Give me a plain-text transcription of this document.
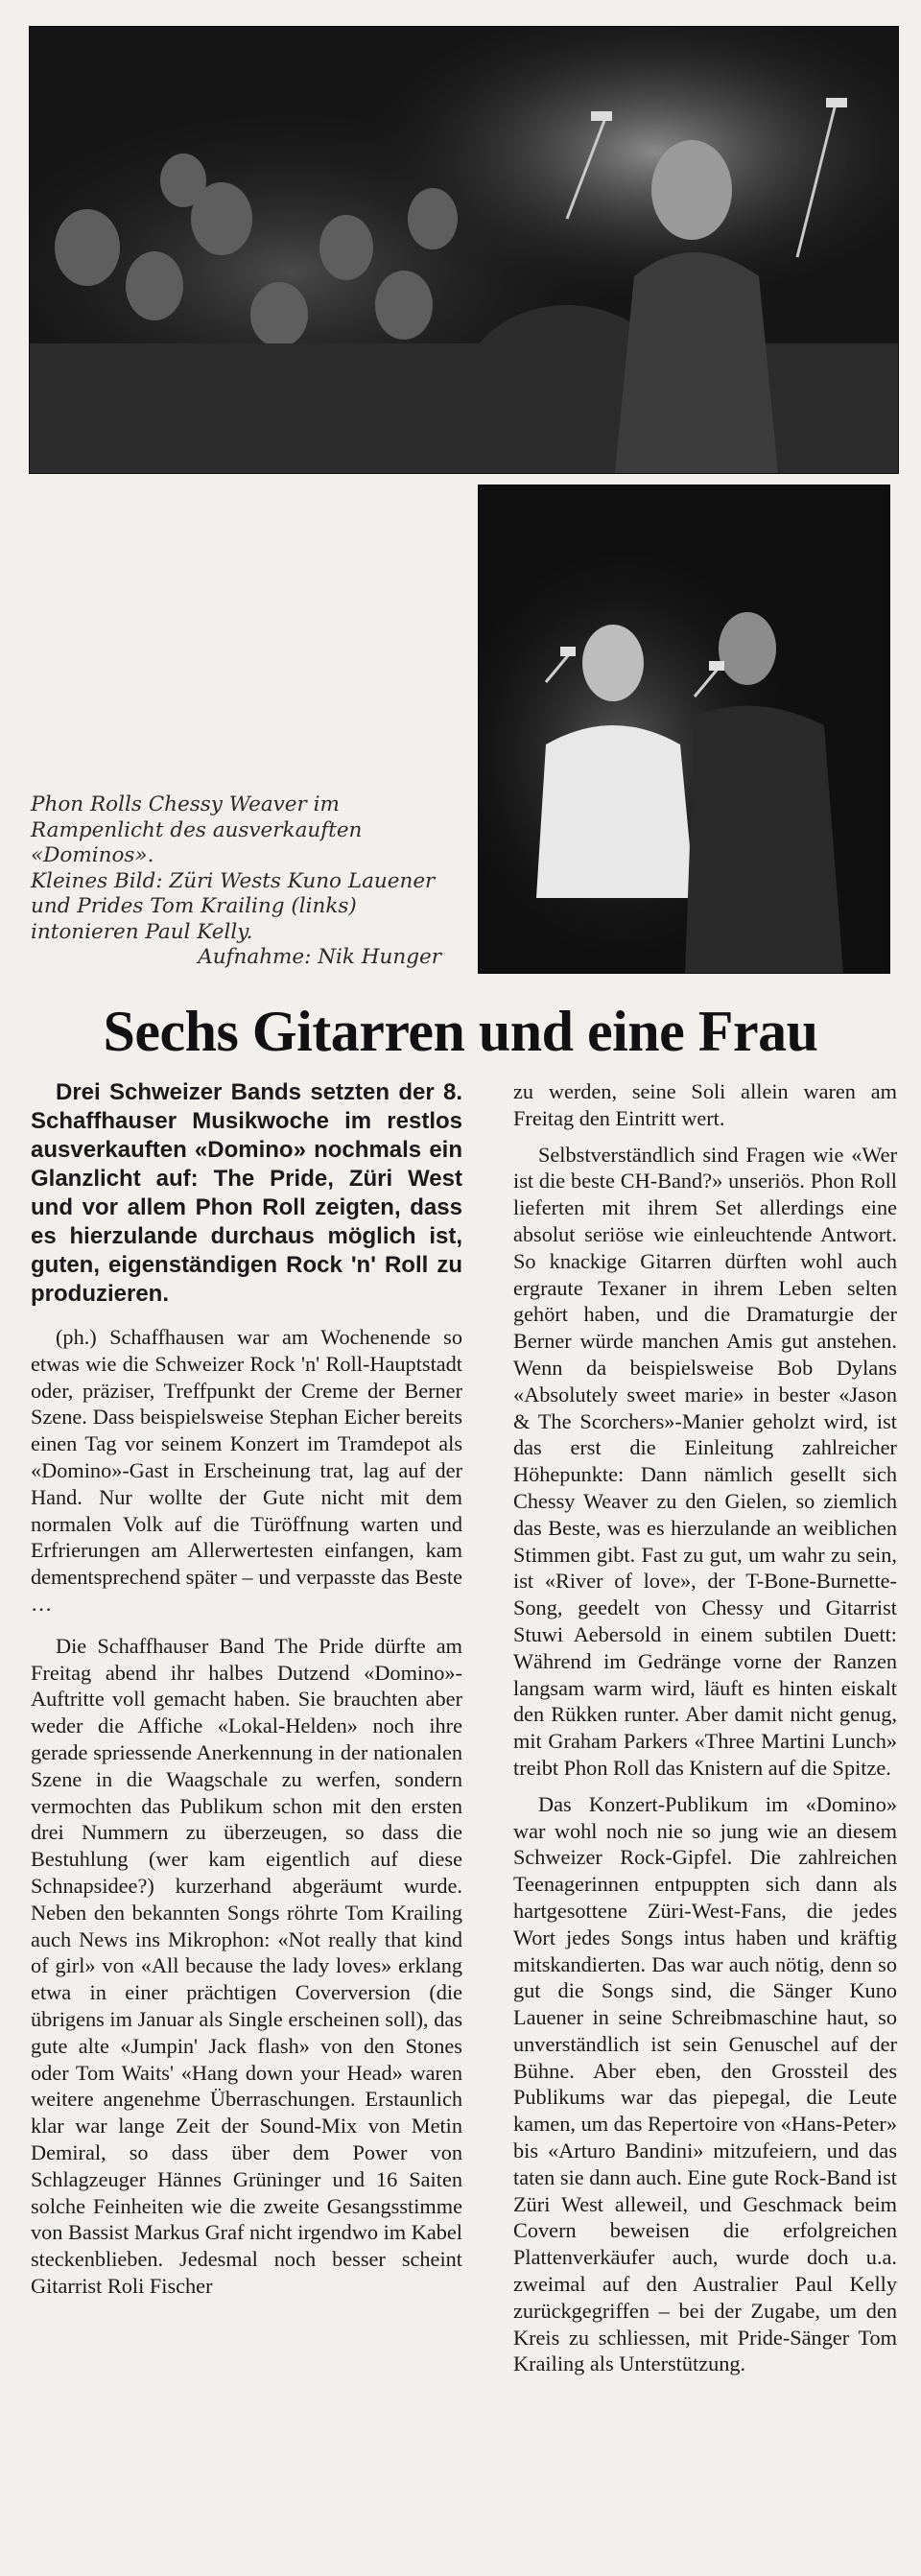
Phon Rolls Chessy Weaver im Rampenlicht des ausverkauften «Dominos».

Kleines Bild: Züri Wests Kuno Lauener und Prides Tom Krailing (links) intonieren Paul Kelly.

Aufnahme: Nik Hunger

Sechs Gitarren und eine Frau

Drei Schweizer Bands setzten der 8. Schaffhauser Musikwoche im restlos ausverkauften «Domino» nochmals ein Glanzlicht auf: The Pride, Züri West und vor allem Phon Roll zeigten, dass es hierzulande durchaus möglich ist, guten, eigenständigen Rock 'n' Roll zu produzieren.

(ph.) Schaffhausen war am Wochenende so etwas wie die Schweizer Rock 'n' Roll-Hauptstadt oder, präziser, Treffpunkt der Creme der Berner Szene. Dass beispielsweise Stephan Eicher bereits einen Tag vor seinem Konzert im Tramdepot als «Domino»-Gast in Erscheinung trat, lag auf der Hand. Nur wollte der Gute nicht mit dem normalen Volk auf die Türöffnung warten und Erfrierungen am Allerwertesten einfangen, kam dementsprechend später – und verpasste das Beste …

Die Schaffhauser Band The Pride dürfte am Freitag abend ihr halbes Dutzend «Domino»-Auftritte voll gemacht haben. Sie brauchten aber weder die Affiche «Lokal-Helden» noch ihre gerade spriessende Anerkennung in der nationalen Szene in die Waagschale zu werfen, sondern vermochten das Publikum schon mit den ersten drei Nummern zu überzeugen, so dass die Bestuhlung (wer kam eigentlich auf diese Schnapsidee?) kurzerhand abgeräumt wurde. Neben den bekannten Songs röhrte Tom Krailing auch News ins Mikrophon: «Not really that kind of girl» von «All because the lady loves» erklang etwa in einer prächtigen Coverversion (die übrigens im Januar als Single erscheinen soll), das gute alte «Jumpin' Jack flash» von den Stones oder Tom Waits' «Hang down your Head» waren weitere angenehme Überraschungen. Erstaunlich klar war lange Zeit der Sound-Mix von Metin Demiral, so dass über dem Power von Schlagzeuger Hännes Grüninger und 16 Saiten solche Feinheiten wie die zweite Gesangsstimme von Bassist Markus Graf nicht irgendwo im Kabel steckenblieben. Jedesmal noch besser scheint Gitarrist Roli Fischer

zu werden, seine Soli allein waren am Freitag den Eintritt wert.

Selbstverständlich sind Fragen wie «Wer ist die beste CH-Band?» unseriös. Phon Roll lieferten mit ihrem Set allerdings eine absolut seriöse wie einleuchtende Antwort. So knackige Gitarren dürften wohl auch ergraute Texaner in ihrem Leben selten gehört haben, und die Dramaturgie der Berner würde manchen Amis gut anstehen. Wenn da beispielsweise Bob Dylans «Absolutely sweet marie» in bester «Jason & The Scorchers»-Manier geholzt wird, ist das erst die Einleitung zahlreicher Höhepunkte: Dann nämlich gesellt sich Chessy Weaver zu den Gielen, so ziemlich das Beste, was es hierzulande an weiblichen Stimmen gibt. Fast zu gut, um wahr zu sein, ist «River of love», der T-Bone-Burnette-Song, geedelt von Chessy und Gitarrist Stuwi Aebersold in einem subtilen Duett: Während im Gedränge vorne der Ranzen langsam warm wird, läuft es hinten eiskalt den Rükken runter. Aber damit nicht genug, mit Graham Parkers «Three Martini Lunch» treibt Phon Roll das Knistern auf die Spitze.

Das Konzert-Publikum im «Domino» war wohl noch nie so jung wie an diesem Schweizer Rock-Gipfel. Die zahlreichen Teenagerinnen entpuppten sich dann als hartgesottene Züri-West-Fans, die jedes Wort jedes Songs intus haben und kräftig mitskandierten. Das war auch nötig, denn so gut die Songs sind, die Sänger Kuno Lauener in seine Schreibmaschine haut, so unverständlich ist sein Genuschel auf der Bühne. Aber eben, den Grossteil des Publikums war das piepegal, die Leute kamen, um das Repertoire von «Hans-Peter» bis «Arturo Bandini» mitzufeiern, und das taten sie dann auch. Eine gute Rock-Band ist Züri West alleweil, und Geschmack beim Covern beweisen die erfolgreichen Plattenverkäufer auch, wurde doch u.a. zweimal auf den Australier Paul Kelly zurückgegriffen – bei der Zugabe, um den Kreis zu schliessen, mit Pride-Sänger Tom Krailing als Unterstützung.
